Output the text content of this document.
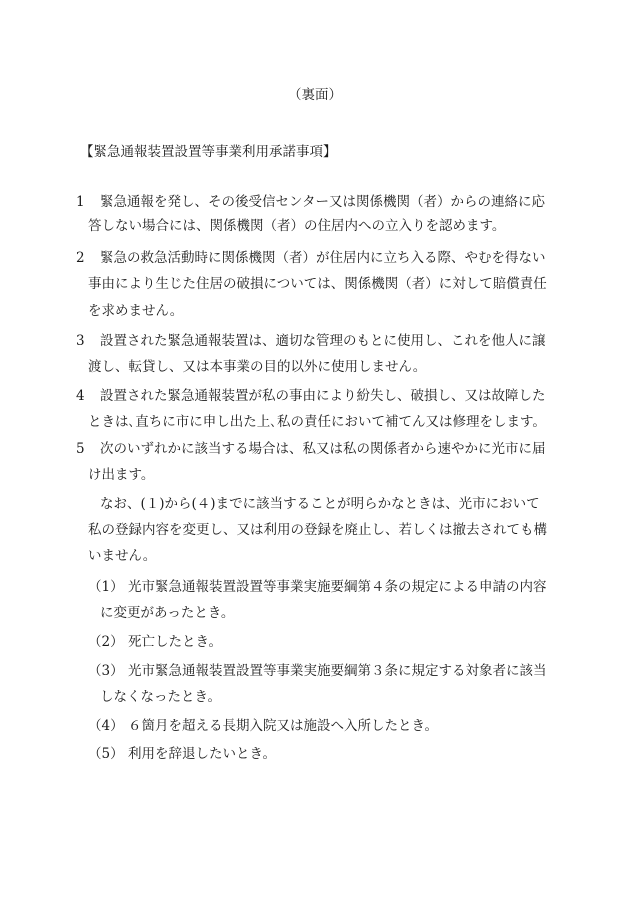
（裏面）
【緊急通報装置設置等事業利用承諾事項】
1 緊急通報を発し、その後受信センター又は関係機関（者）からの連絡に応
答しない場合には、関係機関（者）の住居内への立入りを認めます。
2 緊急の救急活動時に関係機関（者）が住居内に立ち入る際、やむを得ない
事由により生じた住居の破損については、関係機関（者）に対して賠償責任
を求めません。
3 設置された緊急通報装置は、適切な管理のもとに使用し、これを他人に譲
渡し、転貸し、又は本事業の目的以外に使用しません。
4 設置された緊急通報装置が私の事由により紛失し、破損し、又は故障した
ときは､直ちに市に申し出た上､私の責任において補てん又は修理をします。
5 次のいずれかに該当する場合は、私又は私の関係者から速やかに光市に届
け出ます。
なお、(１)から(４)までに該当することが明らかなときは、光市において
私の登録内容を変更し、又は利用の登録を廃止し、若しくは撤去されても構
いません。
（1） 光市緊急通報装置設置等事業実施要綱第４条の規定による申請の内容
に変更があったとき。
（2） 死亡したとき。
（3） 光市緊急通報装置設置等事業実施要綱第３条に規定する対象者に該当
しなくなったとき。
（4） ６箇月を超える長期入院又は施設へ入所したとき。
（5） 利用を辞退したいとき。
